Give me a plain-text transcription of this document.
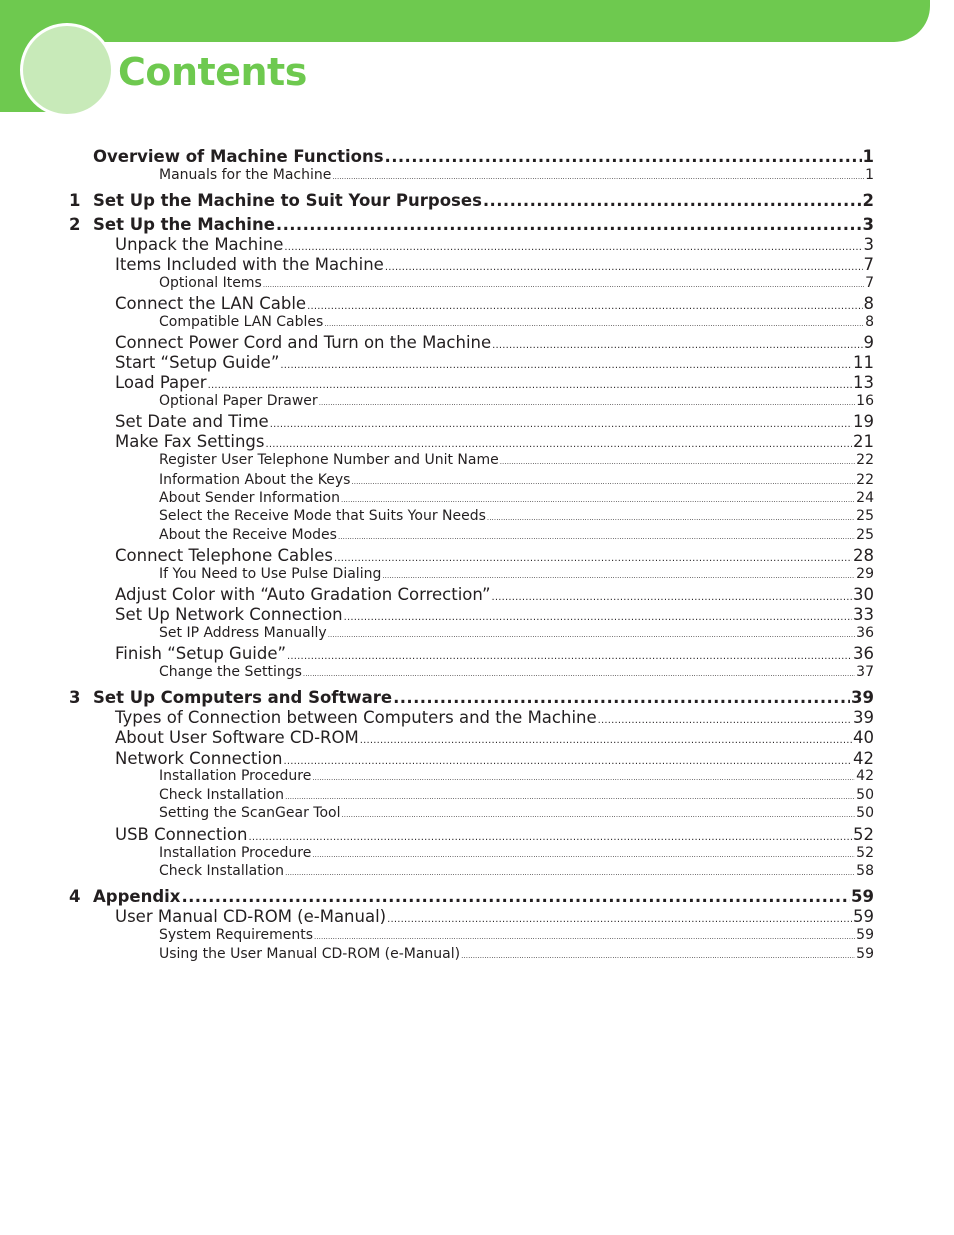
Contents
Overview of Machine Functions .....	1
Manuals for the Machine .....	1
1 Set Up the Machine to Suit Your Purposes .....	2
2 Set Up the Machine .....	3
Unpack the Machine .....	3
Items Included with the Machine .....	7
Optional Items .....	7
Connect the LAN Cable .....	8
Compatible LAN Cables .....	8
Connect Power Cord and Turn on the Machine .....	9
Start “Setup Guide” .....	11
Load Paper .....	13
Optional Paper Drawer .....	16
Set Date and Time .....	19
Make Fax Settings .....	21
Register User Telephone Number and Unit Name .....	22
Information About the Keys .....	22
About Sender Information .....	24
Select the Receive Mode that Suits Your Needs .....	25
About the Receive Modes .....	25
Connect Telephone Cables .....	28
If You Need to Use Pulse Dialing .....	29
Adjust Color with “Auto Gradation Correction” .....	30
Set Up Network Connection .....	33
Set IP Address Manually .....	36
Finish “Setup Guide” .....	36
Change the Settings .....	37
3 Set Up Computers and Software .....	39
Types of Connection between Computers and the Machine .....	39
About User Software CD-ROM .....	40
Network Connection .....	42
Installation Procedure .....	42
Check Installation .....	50
Setting the ScanGear Tool .....	50
USB Connection .....	52
Installation Procedure .....	52
Check Installation .....	58
4 Appendix .....	59
User Manual CD-ROM (e-Manual) .....	59
System Requirements .....	59
Using the User Manual CD-ROM (e-Manual) .....	59
